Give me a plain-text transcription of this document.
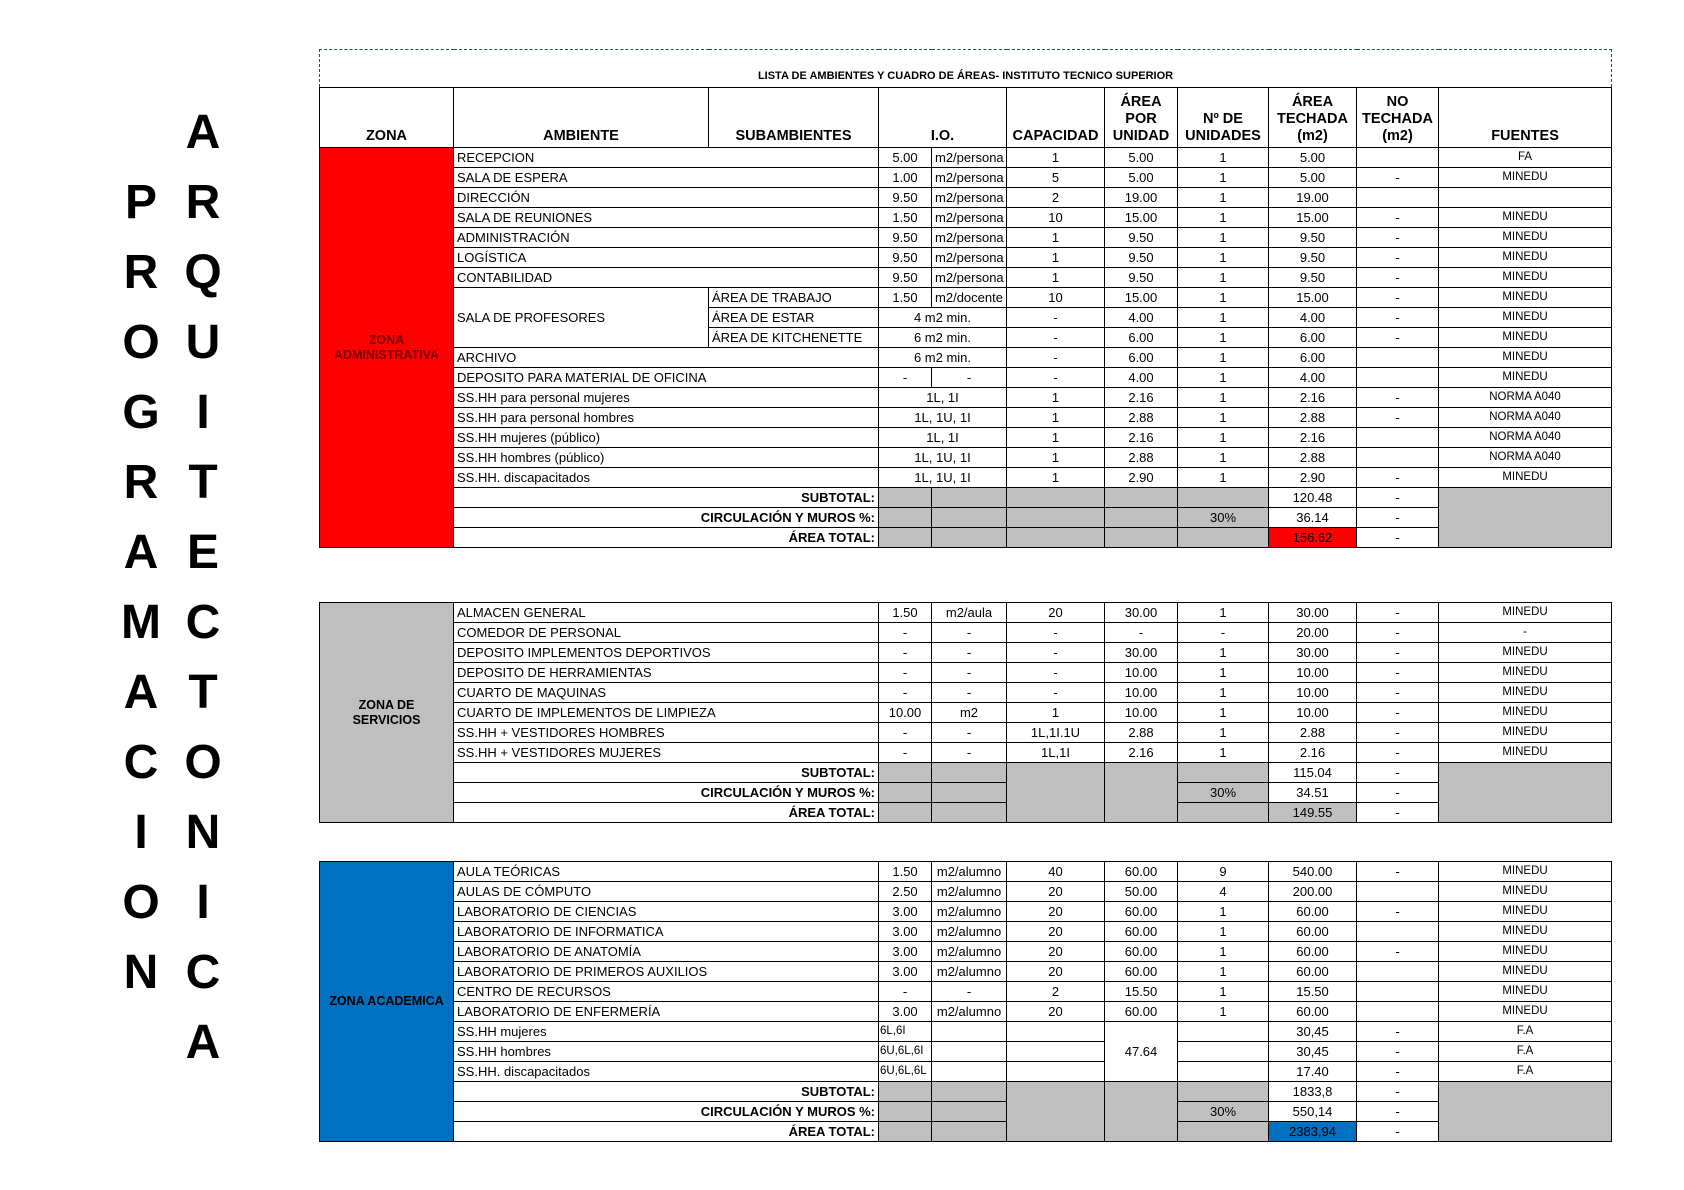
P
R
O
G
R
A
M
A
C
I
O
N
A
R
Q
U
I
T
E
C
T
O
N
I
C
A
LISTA DE AMBIENTES Y CUADRO DE ÁREAS- INSTITUTO TECNICO SUPERIOR										
ZONA	AMBIENTE	SUBAMBIENTES	I.O.		CAPACIDAD	ÁREA
POR
UNIDAD	Nº DE
UNIDADES	ÁREA
TECHADA
(m2)	NO
TECHADA
(m2)	FUENTES
ZONA
ADMINISTRATIVA	RECEPCION		5.00	m2/persona	1	5.00	1	5.00		FA
	SALA DE ESPERA		1.00	m2/persona	5	5.00	1	5.00	-	MINEDU
	DIRECCIÓN		9.50	m2/persona	2	19.00	1	19.00		
	SALA DE REUNIONES		1.50	m2/persona	10	15.00	1	15.00	-	MINEDU
	ADMINISTRACIÓN		9.50	m2/persona	1	9.50	1	9.50	-	MINEDU
	LOGÍSTICA		9.50	m2/persona	1	9.50	1	9.50	-	MINEDU
	CONTABILIDAD		9.50	m2/persona	1	9.50	1	9.50	-	MINEDU
	SALA DE PROFESORES	ÁREA DE TRABAJO	1.50	m2/docente	10	15.00	1	15.00	-	MINEDU
		ÁREA DE ESTAR	4 m2 min.		-	4.00	1	4.00	-	MINEDU
		ÁREA DE KITCHENETTE	6 m2 min.		-	6.00	1	6.00	-	MINEDU
	ARCHIVO		6 m2 min.		-	6.00	1	6.00		MINEDU
	DEPOSITO PARA MATERIAL DE OFICINA		-	-	-	4.00	1	4.00		MINEDU
	SS.HH para personal mujeres		1L, 1I		1	2.16	1	2.16	-	NORMA A040
	SS.HH para personal hombres		1L, 1U, 1I		1	2.88	1	2.88	-	NORMA A040
	SS.HH mujeres (público)		1L, 1I		1	2.16	1	2.16		NORMA A040
	SS.HH hombres (público)		1L, 1U, 1I		1	2.88	1	2.88		NORMA A040
	SS.HH. discapacitados		1L, 1U, 1I		1	2.90	1	2.90	-	MINEDU
	SUBTOTAL:							120.48	-	
	CIRCULACIÓN Y MUROS %:						30%	36.14	-	
	ÁREA TOTAL:							156.62	-	
ZONA DE
SERVICIOS	ALMACEN GENERAL	1.50	m2/aula	20	30.00	1	30.00	-	MINEDU
	COMEDOR DE PERSONAL	-	-	-	-	-	20.00	-	-
	DEPOSITO IMPLEMENTOS DEPORTIVOS	-	-	-	30.00	1	30.00	-	MINEDU
	DEPOSITO DE HERRAMIENTAS	-	-	-	10.00	1	10.00	-	MINEDU
	CUARTO DE MAQUINAS	-	-	-	10.00	1	10.00	-	MINEDU
	CUARTO DE IMPLEMENTOS DE LIMPIEZA	10.00	m2	1	10.00	1	10.00	-	MINEDU
	SS.HH + VESTIDORES HOMBRES	-	-	1L,1I.1U	2.88	1	2.88	-	MINEDU
	SS.HH + VESTIDORES MUJERES	-	-	1L,1I	2.16	1	2.16	-	MINEDU
	SUBTOTAL:						115.04	-	
	CIRCULACIÓN Y MUROS %:					30%	34.51	-	
	ÁREA TOTAL:						149.55	-	
ZONA ACADEMICA	AULA TEÓRICAS	1.50	m2/alumno	40	60.00	9	540.00	-	MINEDU
	AULAS DE CÓMPUTO	2.50	m2/alumno	20	50.00	4	200.00		MINEDU
	LABORATORIO DE CIENCIAS	3.00	m2/alumno	20	60.00	1	60.00	-	MINEDU
	LABORATORIO DE INFORMATICA	3.00	m2/alumno	20	60.00	1	60.00		MINEDU
	LABORATORIO DE ANATOMÍA	3.00	m2/alumno	20	60.00	1	60.00	-	MINEDU
	LABORATORIO DE PRIMEROS AUXILIOS	3.00	m2/alumno	20	60.00	1	60.00		MINEDU
	CENTRO DE RECURSOS	-	-	2	15.50	1	15.50		MINEDU
	LABORATORIO DE ENFERMERÍA	3.00	m2/alumno	20	60.00	1	60.00		MINEDU
	SS.HH mujeres	6L,6I			47.64		30,45	-	F.A
	SS.HH hombres	6U,6L,6I					30,45	-	F.A
	SS.HH. discapacitados	6U,6L,6L					17.40	-	F.A
	SUBTOTAL:						1833,8	-	
	CIRCULACIÓN Y MUROS %:					30%	550,14	-	
	ÁREA TOTAL:						2383,94	-	
